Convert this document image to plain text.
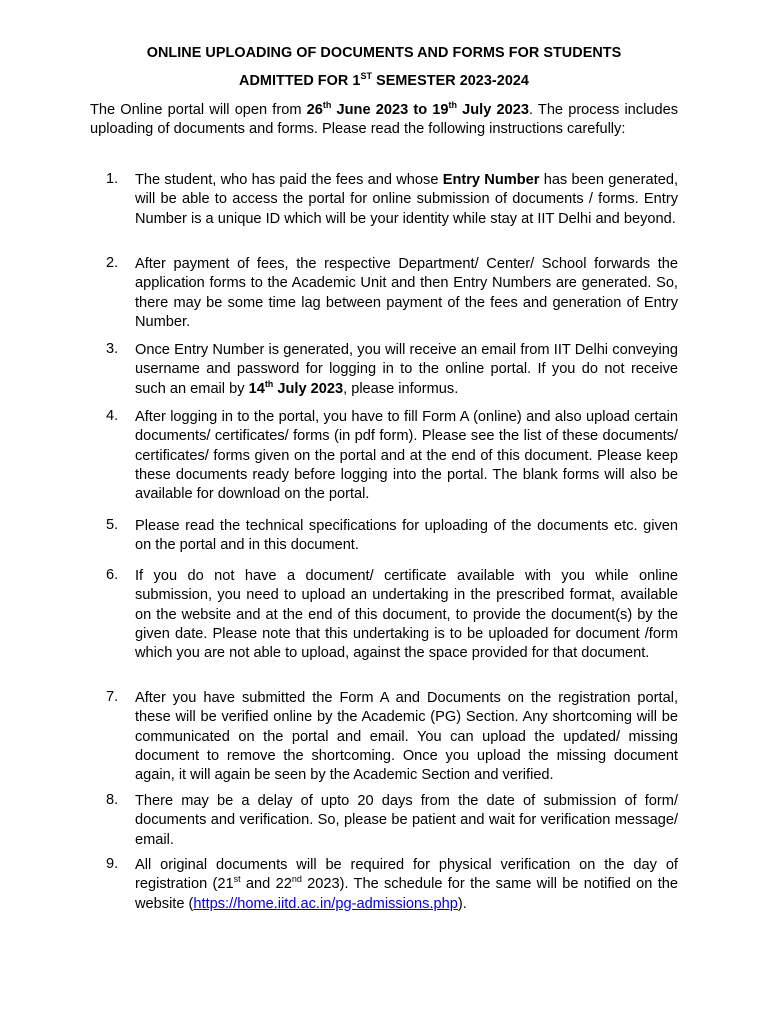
ONLINE UPLOADING OF DOCUMENTS AND FORMS FOR STUDENTS
ADMITTED FOR 1ST SEMESTER 2023-2024

The Online portal will open from 26th June 2023 to 19th July 2023. The process includes uploading of documents and forms. Please read the following instructions carefully:

1.	The student, who has paid the fees and whose Entry Number has been generated, will be able to access the portal for online submission of documents / forms. Entry Number is a unique ID which will be your identity while stay at IIT Delhi and beyond.
2.	After payment of fees, the respective Department/ Center/ School forwards the application forms to the Academic Unit and then Entry Numbers are generated. So, there may be some time lag between payment of the fees and generation of Entry Number.
3.	Once Entry Number is generated, you will receive an email from IIT Delhi conveying username and password for logging in to the online portal. If you do not receive such an email by 14th July 2023, please informus.
4.	After logging in to the portal, you have to fill Form A (online) and also upload certain documents/ certificates/ forms (in pdf form). Please see the list of these documents/ certificates/ forms given on the portal and at the end of this document. Please keep these documents ready before logging into the portal. The blank forms will also be available for download on the portal.
5.	Please read the technical specifications for uploading of the documents etc. given on the portal and in this document.
6.	If you do not have a document/ certificate available with you while online submission, you need to upload an undertaking in the prescribed format, available on the website and at the end of this document, to provide the document(s) by the given date. Please note that this undertaking is to be uploaded for document /form which you are not able to upload, against the space provided for that document.
7.	After you have submitted the Form A and Documents on the registration portal, these will be verified online by the Academic (PG) Section. Any shortcoming will be communicated on the portal and email. You can upload the updated/ missing document to remove the shortcoming. Once you upload the missing document again, it will again be seen by the Academic Section and verified.
8.	There may be a delay of upto 20 days from the date of submission of form/ documents and verification. So, please be patient and wait for verification message/ email.
9.	All original documents will be required for physical verification on the day of registration (21st and 22nd 2023). The schedule for the same will be notified on the website (https://home.iitd.ac.in/pg-admissions.php).
